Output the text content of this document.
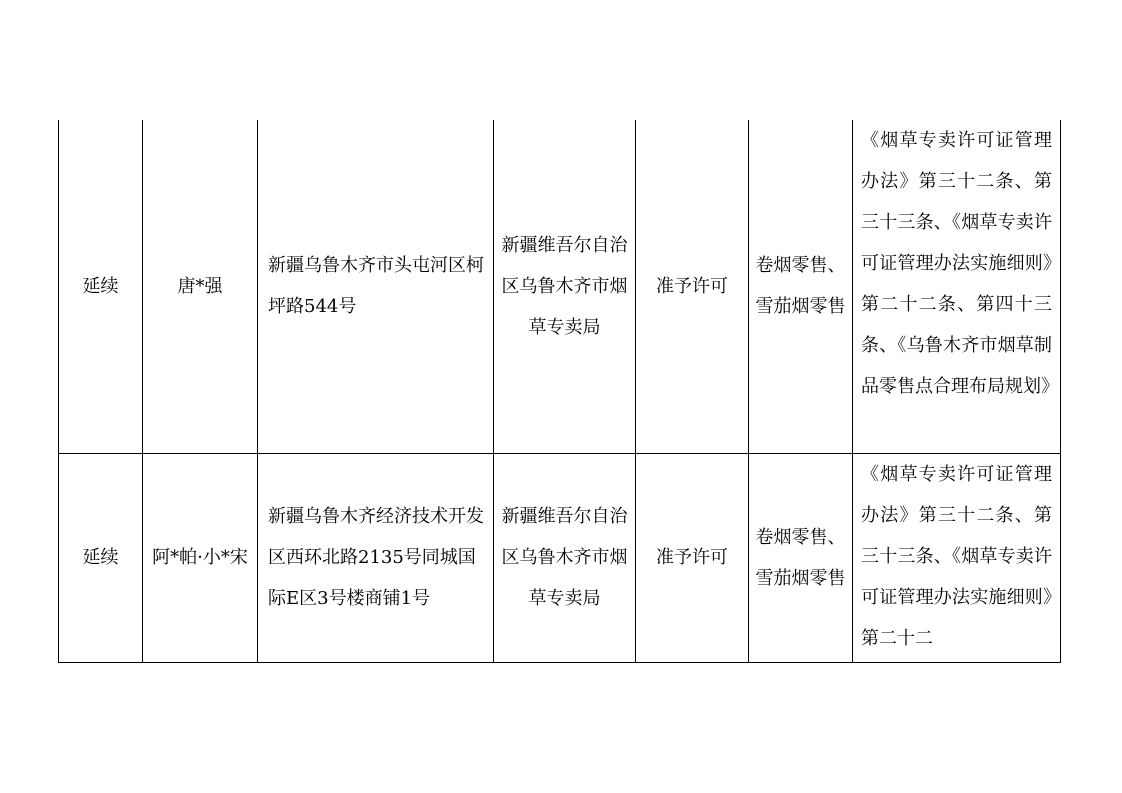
延续	唐*强	新疆乌鲁木齐市头屯河区柯坪路544号	新疆维吾尔自治区乌鲁木齐市烟草专卖局	准予许可	卷烟零售、雪茄烟零售	《烟草专卖许可证管理办法》第三十二条、第三十三条、《烟草专卖许可证管理办法实施细则》第二十二条、第四十三条、《乌鲁木齐市烟草制品零售点合理布局规划》

延续	阿*帕·小*宋	新疆乌鲁木齐经济技术开发区西环北路2135号同城国际E区3号楼商铺1号	新疆维吾尔自治区乌鲁木齐市烟草专卖局	准予许可	卷烟零售、雪茄烟零售	《烟草专卖许可证管理办法》第三十二条、第三十三条、《烟草专卖许可证管理办法实施细则》第二十二
